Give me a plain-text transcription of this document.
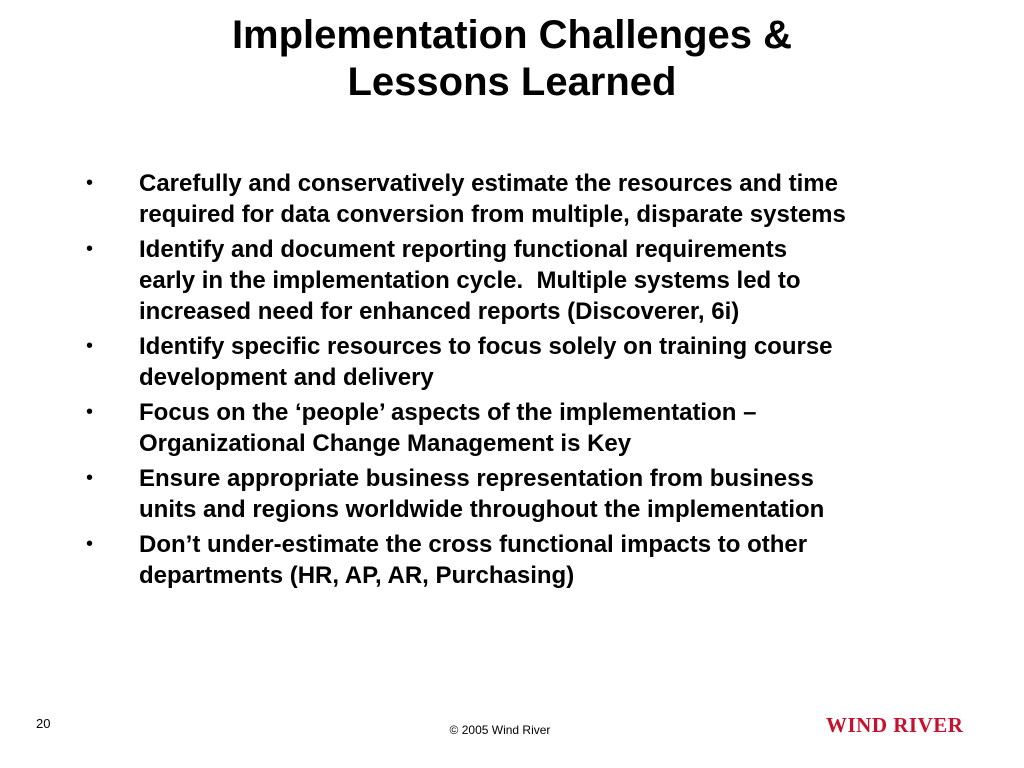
Implementation Challenges &
Lessons Learned
• Carefully and conservatively estimate the resources and time
required for data conversion from multiple, disparate systems
• Identify and document reporting functional requirements
early in the implementation cycle.  Multiple systems led to
increased need for enhanced reports (Discoverer, 6i)
• Identify specific resources to focus solely on training course
development and delivery
• Focus on the ‘people’ aspects of the implementation –
Organizational Change Management is Key
• Ensure appropriate business representation from business
units and regions worldwide throughout the implementation
• Don’t under-estimate the cross functional impacts to other
departments (HR, AP, AR, Purchasing)
20	© 2005 Wind River	WIND RIVER
